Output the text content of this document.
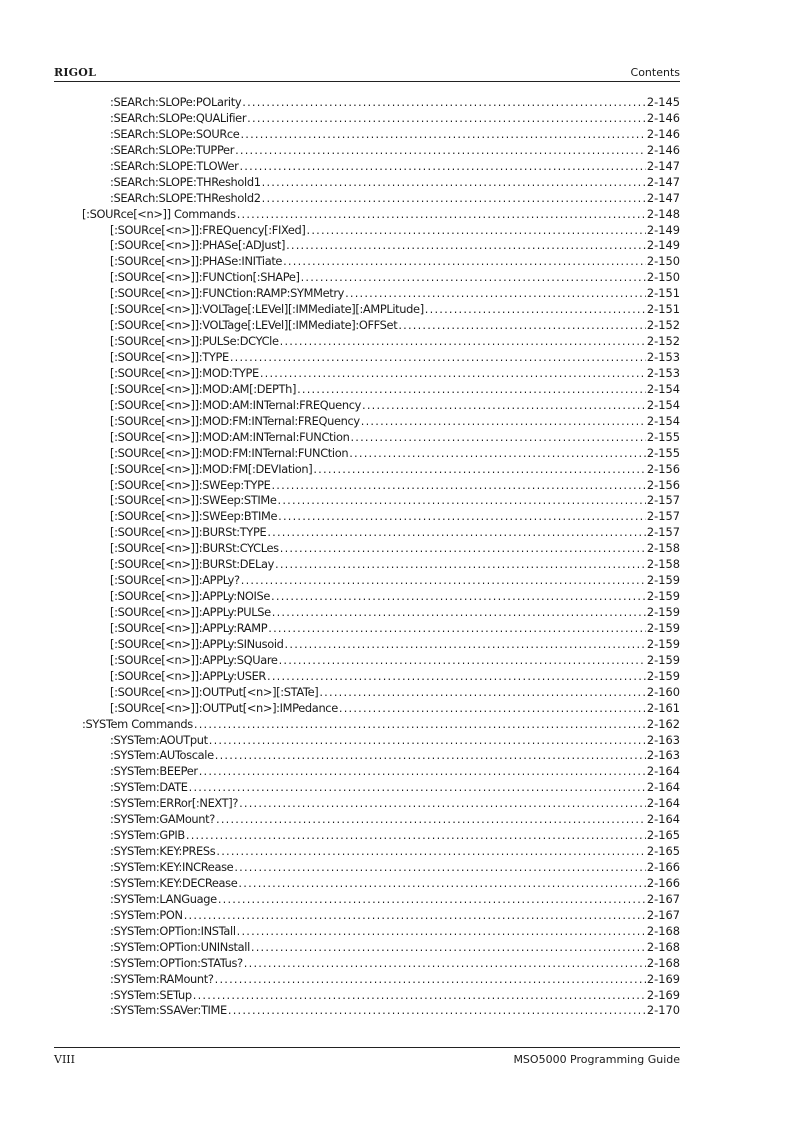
RIGOL	Contents
:SEARch:SLOPe:POLarity .....	2-145
:SEARch:SLOPe:QUALifier .....	2-146
:SEARch:SLOPe:SOURce .....	2-146
:SEARch:SLOPe:TUPPer .....	2-146
:SEARch:SLOPE:TLOWer .....	2-147
:SEARch:SLOPE:THReshold1 .....	2-147
:SEARch:SLOPE:THReshold2 .....	2-147
[:SOURce[<n>]] Commands .....	2-148
[:SOURce[<n>]]:FREQuency[:FIXed] .....	2-149
[:SOURce[<n>]]:PHASe[:ADJust] .....	2-149
[:SOURce[<n>]]:PHASe:INITiate .....	2-150
[:SOURce[<n>]]:FUNCtion[:SHAPe] .....	2-150
[:SOURce[<n>]]:FUNCtion:RAMP:SYMMetry .....	2-151
[:SOURce[<n>]]:VOLTage[:LEVel][:IMMediate][:AMPLitude] .....	2-151
[:SOURce[<n>]]:VOLTage[:LEVel][:IMMediate]:OFFSet .....	2-152
[:SOURce[<n>]]:PULSe:DCYCle .....	2-152
[:SOURce[<n>]]:TYPE .....	2-153
[:SOURce[<n>]]:MOD:TYPE .....	2-153
[:SOURce[<n>]]:MOD:AM[:DEPTh] .....	2-154
[:SOURce[<n>]]:MOD:AM:INTernal:FREQuency .....	2-154
[:SOURce[<n>]]:MOD:FM:INTernal:FREQuency .....	2-154
[:SOURce[<n>]]:MOD:AM:INTernal:FUNCtion .....	2-155
[:SOURce[<n>]]:MOD:FM:INTernal:FUNCtion .....	2-155
[:SOURce[<n>]]:MOD:FM[:DEVIation] .....	2-156
[:SOURce[<n>]]:SWEep:TYPE .....	2-156
[:SOURce[<n>]]:SWEep:STIMe .....	2-157
[:SOURce[<n>]]:SWEep:BTIMe .....	2-157
[:SOURce[<n>]]:BURSt:TYPE .....	2-157
[:SOURce[<n>]]:BURSt:CYCLes .....	2-158
[:SOURce[<n>]]:BURSt:DELay .....	2-158
[:SOURce[<n>]]:APPLy? .....	2-159
[:SOURce[<n>]]:APPLy:NOISe .....	2-159
[:SOURce[<n>]]:APPLy:PULSe .....	2-159
[:SOURce[<n>]]:APPLy:RAMP .....	2-159
[:SOURce[<n>]]:APPLy:SINusoid .....	2-159
[:SOURce[<n>]]:APPLy:SQUare .....	2-159
[:SOURce[<n>]]:APPLy:USER .....	2-159
[:SOURce[<n>]]:OUTPut[<n>][:STATe] .....	2-160
[:SOURce[<n>]]:OUTPut[<n>]:IMPedance .....	2-161
:SYSTem Commands .....	2-162
:SYSTem:AOUTput .....	2-163
:SYSTem:AUToscale .....	2-163
:SYSTem:BEEPer .....	2-164
:SYSTem:DATE .....	2-164
:SYSTem:ERRor[:NEXT]? .....	2-164
:SYSTem:GAMount? .....	2-164
:SYSTem:GPIB .....	2-165
:SYSTem:KEY:PRESs .....	2-165
:SYSTem:KEY:INCRease .....	2-166
:SYSTem:KEY:DECRease .....	2-166
:SYSTem:LANGuage .....	2-167
:SYSTem:PON .....	2-167
:SYSTem:OPTion:INSTall .....	2-168
:SYSTem:OPTion:UNINstall .....	2-168
:SYSTem:OPTion:STATus? .....	2-168
:SYSTem:RAMount? .....	2-169
:SYSTem:SETup .....	2-169
:SYSTem:SSAVer:TIME .....	2-170
VIII	MSO5000 Programming Guide
